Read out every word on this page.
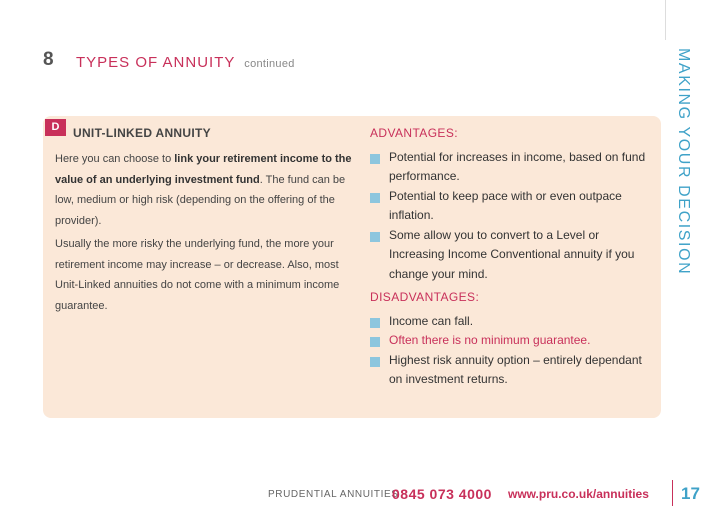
8 TYPES OF ANNUITY continued	MAKING YOUR DECISION
D	UNIT-LINKED ANNUITY

Here you can choose to link your retirement income to the value of an underlying investment fund. The fund can be low, medium or high risk (depending on the offering of the provider).

Usually the more risky the underlying fund, the more your retirement income may increase – or decrease. Also, most Unit-Linked annuities do not come with a minimum income guarantee.

ADVANTAGES:
Potential for increases in income, based on fund performance.
Potential to keep pace with or even outpace inflation.
Some allow you to convert to a Level or Increasing Income Conventional annuity if you change your mind.
DISADVANTAGES:
Income can fall.
Often there is no minimum guarantee.
Highest risk annuity option – entirely dependant on investment returns.
PRUDENTIAL ANNUITIES
0845 073 4000 www.pru.co.uk/annuities 17
